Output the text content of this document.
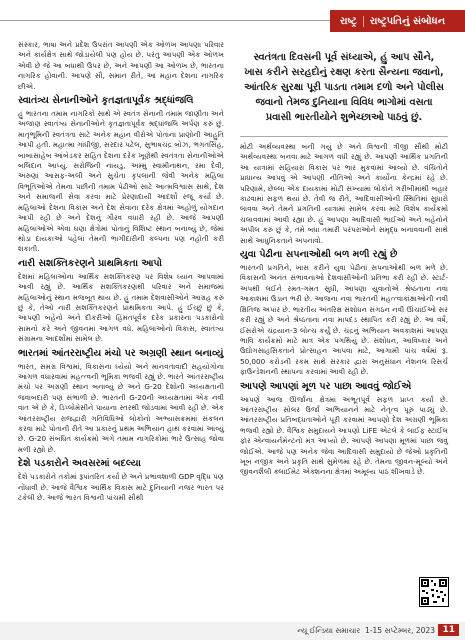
રાષ્ટ્ર	રાષ્ટ્રપતિનું સંબોધન

સંસ્કાર, ભાષા અને પ્રદેશ ઉપરાંત આપણી એક ઓળખ આપણા પરિવાર અને કાર્યક્ષેત્ર સાથે જોડાયેલી પણ હોય છે. પરંતુ આપણી એક ઓળખ એવી છે જે આ બધાથી ઉપર છે, અને આપણી આ ઓળખ છે, ભારતના નાગરિક હોવાની. આપણે સૌ, સમાન રીતે, આ મહાન દેશના નાગરિક છીએ.

સ્વાતંત્ર્ય સેનાનીઓને કૃતજ્ઞતાપૂર્વક શ્રદ્ધાંજલિ

હું ભારતના તમામ નાગરિકો સાથે એ સ્વતંત્ર સેનાની તમામ જાણીતા અને અજાણ સ્વાતંત્ર્ય સેનાનીઓને કૃતજ્ઞતાપૂર્વક શ્રદ્ધાંજલિ અર્પણ કરું છું. માતૃભૂમિની સ્વતંત્રતા સાટે અનેક મહાન વીરોએ પોતાના પ્રાણોની આહુતિ આપી હતી. મહાત્મા ગાંધીજી, સરદાર પટેલ, સુભાષચંદ્ર બોઝ, ભગતસિંહ, બાબાસાહેબ આંબેડકર સહિત દેશના દરેક ખૂણેથી સ્વતંત્રતા સેનાનીઓએ બલિદાન આપ્યું. સરોજિની નાયડુ, અમ્મુ સ્વામીનાથન, રમા દેવી, અરુણા આસફ-અલી અને સુચેતા કૃપલાની જેવી અનેક મહિલા વિભૂતિઓએ તેમના પછીની તમામ પેઢીઓ સાટે આત્મવિશ્વાસ સાથે, દેશ અને સમાજની સેવા કરવા માટે પ્રેરણાદાયી આદર્શો રજૂ કર્યા છે. મહિલાઓ દેશના વિકાસ અને દેશ સેવાના દરેક ક્ષેત્રમાં અહોળું યોગદાન આપી રહી છે અને દેશનું ગૌરવ વધારી રહી છે. આજે આપણી મહિલાઓએ એવા ઘણા ક્ષેત્રોમાં પોતાનું વિશિષ્ટ સ્થાન બનાવ્યું છે, જેમાં થોડા દાયકાઓ પહેલાં તેમની ભાગીદારીની કલ્પના પણ નહોતી કરી શકાતી.

નારી સશક્તિકરણને પ્રાથમિકતા આપો

દેશમાં મહિલાઓના આર્થિક સશક્તિકરણ પર વિશેષ ધ્યાન આપવામાં આવી રહ્યું છે. આર્થિક સશક્તિકરણથી પરિવાર અને સમાજમાં મહિલાઓનું સ્થાન મજબૂત થાય છે. હું તમામ દેશવાસીઓને આગ્રહ કરું છું કે, તેઓ નારી સશક્તિકરણને પ્રાથમિકતા આપે. હું ઈચ્છું છું કે, આપણી બહેનો અને દીકરીઓ હિંમતપૂર્વક દરેક પ્રકારના પડકારોનો સામનો કરે અને જીવનમાં આગળ વધે. મહિલાઓનો વિકાસ, સ્વાતંત્ર્ય સંગ્રામના આદર્શોમાં સામેલ છે.

ભારતમાં આંતરરાષ્ટ્રીય મંચો પર અગ્રણી સ્થાન બનાવ્યું

ભારત, સમગ્ર વિશ્વમાં, વિકાસના ધ્યેયો અને માનવતાવાદી સહયોગોના આગળ વધારવામાં મહત્ત્વની ભૂમિકા ભજવી રહ્યું છે. ભારતે આંતરરાષ્ટ્રીય મંચો પર અગ્રણી સ્થાન બનાવ્યું છે અને G-20 દેશોની અધ્યક્ષતાની જવાબદારી પણ સંભાળી છે. ભારતની G-20ની અધ્યક્ષતામાં એક નવી વાત એ છે કે, ડિપ્લોમેસીને પાયાના સ્તરથી જોડવામાં આવી રહી છે. એક આંતરરાષ્ટ્રીય રાજદ્વારી ગતિવિધિઓ લોકોનો અભ્યાસક્રમમાં સંકલન કરવા માટે પોતાની રીતે આ પ્રકારનું પ્રથમ અભિયાન હાથ કરવામાં આવ્યું છે. G-20 સંબંધિત કાર્યક્રમો અંગે તમામ નાગરિકોમાં ભારે ઉત્સાહ જોવા મળી રહ્યો છે.

દેશે પડકારોને અવસરમાં બદલ્યા

દેશે પડકારોને તકોમાં રૂપાંતરિત કર્યા છે અને પ્રભાવશાળી GDP વૃદ્ધિ પણ નોંધાવી છે. આજે વૈશ્વિક આર્થિક વિકાસ માટે દુનિયાની નજર ભારત પર ટકેલી છે. આજે ભારત વિશ્વની પાંચમી સૌથી

સ્વતંત્રતા દિવસની પૂર્વ સંધ્યાએ, હું આપ સૌને, ખાસ કરીને સરહદોનું રક્ષણ કરતા સૈન્યના જવાનો, આંતરિક સુરક્ષા પૂરી પાડતા તમામ દળો અને પોલીસ જવાનો તેમજ દુનિયાના વિવિધ ભાગોમાં વસતા પ્રવાસી ભારતીયોને શુભેચ્છાઓ પાઠવું છું.

મોટી અર્થવ્યવસ્થા બની ગયું છે અને વિશ્વની ત્રીજી સૌથી મોટી અર્થવ્યવસ્થા બનવા માટે આગળ વધી રહ્યું છે. આપણી આર્થિક પ્રગતિની આ યાત્રામાં સહિયારા વિકાસ પર ભાર મુકવામાં આવ્યો છે. વંચિતોને પ્રાધાન્ય આપવું એ આપણી નીતિઓ અને કાર્યોના કેન્દ્રમાં રહે છે. પરિણામે, છેલ્લા એક દાયકામાં મોટી સંખ્યામાં લોકોને ગરીબીમાંથી બહાર કાઢવામાં સફળ થયાં છે. તેવી જ રીતે, આદિવાસીઓની સ્થિતિમાં સુધારો લાવવા અને તેમને પ્રગતિની યાત્રામાં સામેલ કરવા માટે વિશેષ કાર્યક્રમો ચલાવવામાં આવી રહ્યા છે. હું આપણા આદિવાસી ભાઈઓ અને બહેનોને અપીલ કરું છું કે, તમે બધા તમારી પરંપરાઓને સમૃદ્ધ બનાવવાની સાથે સાથે આધુનિકતાને અપનાવો.

યુવા પેઢીના સપનાઓથી બળ મળી રહ્યું છે

ભારતની પ્રગતિને, ખાસ કરીને યુવા પેઢીનાં સપનાઓથી બળ મળે છે. વિકાસની અનંત સંભાવનાઓ દેશવાસીઓની પ્રતિભા કરી રહી છે. સ્ટાર્ટ-અપથી લઈને રમત-ગમત સુધી, આપણા યુવાનોએ શ્રેષ્ઠતાના નવા આકાશમાં ઉડાન ભરી છે. આજના નવા ભારતની મહત્ત્વાકાંક્ષાઓની નવી ક્ષિતિજ અપાર છે. ભારતીય અંતરિક્ષ સંશોધન સંગઠન નવી ઊંચાઈઓ સર કરી રહ્યું છે અને શ્રેષ્ઠતાના નવા માપદંડ સ્થાપિત કરી રહ્યું છે. આ વર્ષે, ઈસરોએ ચંદ્રયાન-3 લોન્ચ કર્યું છે. ચંદ્રનું અભિયાન અવકાશમાં આપણા ભાવિ કાર્યક્રમો માટે માત્ર એક પગથિયું છે. સંશોધન, આવિષ્કાર અને ઉદ્યોગસાહસિકતાને પ્રોત્સાહન આપવા માટે, આગામી પાંચ વર્ષમાં રૂ. 50,000 કરોડની રકમ સાથે સરકાર દ્વારા અનુસંધાન નેશનલ રિસર્ચ ફાઉન્ડેશનની સ્થાપના કરવામાં આવી રહી છે.

આપણે આપણાં મૂળ પર પાછા આવવું જોઈએ

આપણે આજ ઊર્જાના ક્ષેત્રમાં અભૂતપૂર્વ સફળ પ્રાપ્ત કર્યાં છે. આંતરરાષ્ટ્રીય સોલર ઉર્જા અભિયાનને માટે નેતૃત્વ પૂરું પાડ્યું છે. આંતરરાષ્ટ્રીય પ્રતિબદ્ધતાઓને પૂરી કરવામાં આપણો દેશ અગ્રણી ભૂમિકા ભજવી રહ્યો છે. વૈશ્વિક સમુદાયને આપણો LiFE એટલે કે લાઈફ સ્ટાઈલ ફૉર એન્વાયર્નમેન્ટનો મંત્ર આપ્યો છે. આપણે આપણા મૂળમાં પાછા જવું જોઈએ. આજે પણ અનેક જેવા આદિવાસી સમુદાયો છે જેઓ પ્રકૃતિની ખૂબ નજીક અને પ્રકૃતિ સાથે સુમેળમાં રહે છે. તેમના જીવન-મૂલ્યો અને જીવનશૈલી ક્લાઈમેટ એક્શનના ક્ષેત્રમાં અમૂલ્ય પાઠ શીખવાડે છે.

ન્યૂ ઈન્ડિયા સમાચાર 1-15 સપ્ટેમ્બર, 2023 11
